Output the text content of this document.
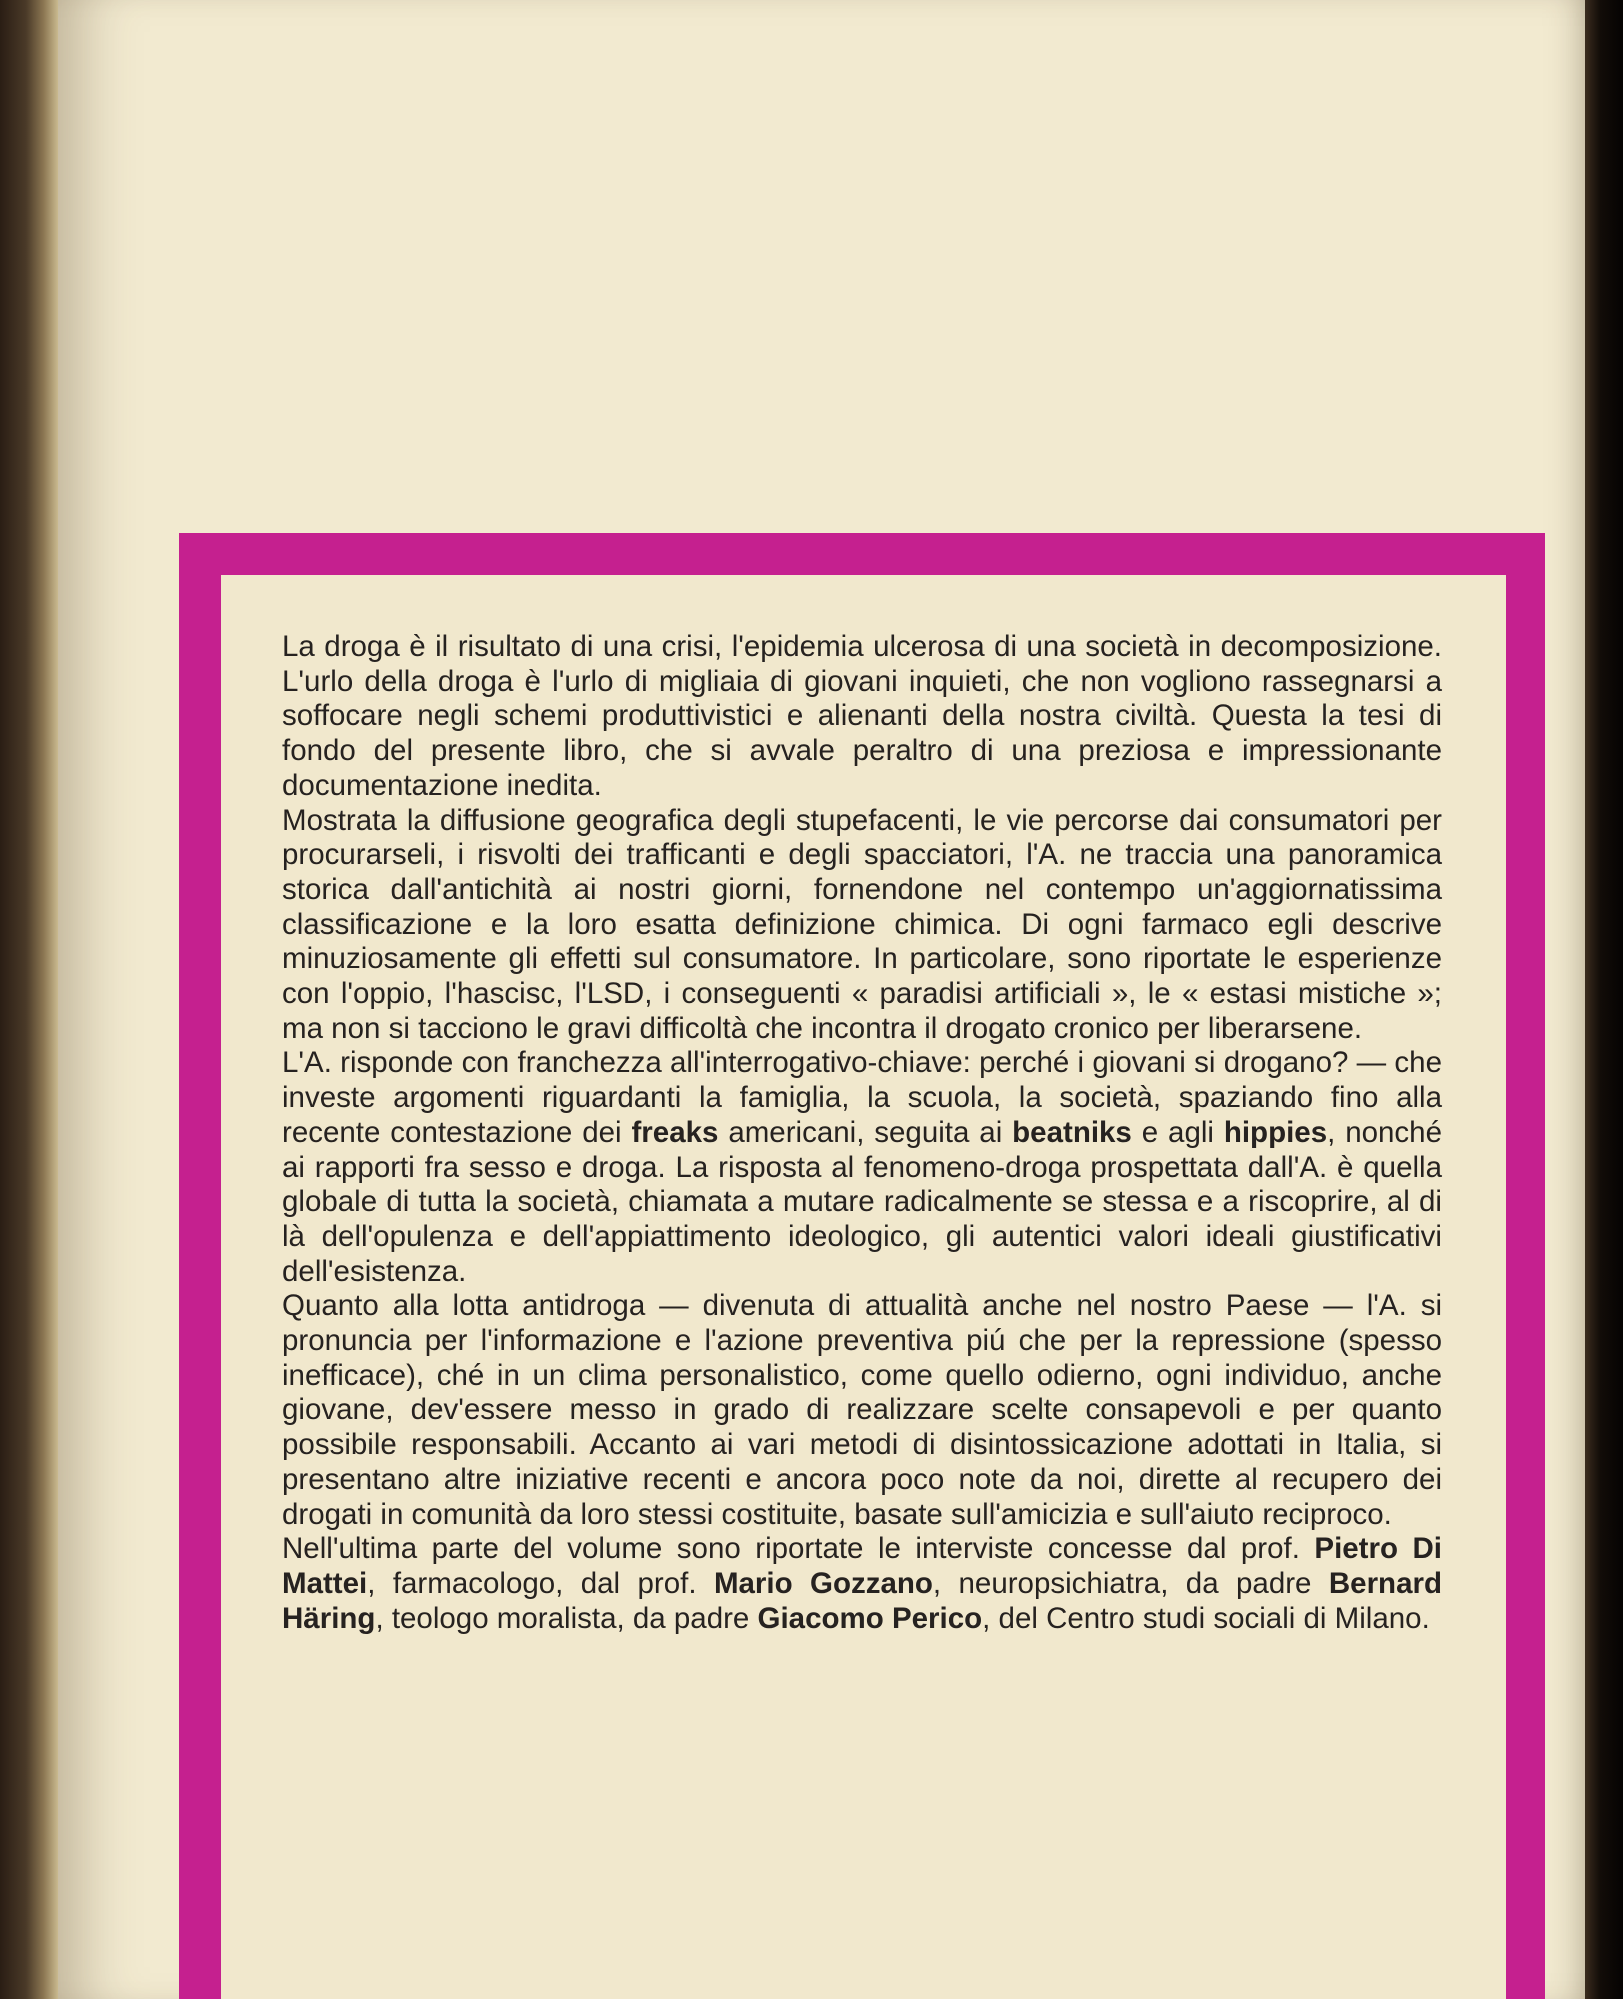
La droga è il risultato di una crisi, l'epidemia ulcerosa di una società in decomposizione. L'urlo della droga è l'urlo di migliaia di giovani inquieti, che non vogliono rassegnarsi a soffocare negli schemi produttivistici e alienanti della nostra civiltà. Questa la tesi di fondo del presente libro, che si avvale peraltro di una preziosa e impressionante documentazione inedita.

Mostrata la diffusione geografica degli stupefacenti, le vie percorse dai consumatori per procurarseli, i risvolti dei trafficanti e degli spacciatori, l'A. ne traccia una panoramica storica dall'antichità ai nostri giorni, fornendone nel contempo un'aggiornatissima classificazione e la loro esatta definizione chimica. Di ogni farmaco egli descrive minuziosamente gli effetti sul consumatore. In particolare, sono riportate le esperienze con l'oppio, l'hascisc, l'LSD, i conseguenti « paradisi artificiali », le « estasi mistiche »; ma non si tacciono le gravi difficoltà che incontra il drogato cronico per liberarsene.

L'A. risponde con franchezza all'interrogativo-chiave: perché i giovani si drogano? — che investe argomenti riguardanti la famiglia, la scuola, la società, spaziando fino alla recente contestazione dei freaks americani, seguita ai beatniks e agli hippies, nonché ai rapporti fra sesso e droga. La risposta al fenomeno-droga prospettata dall'A. è quella globale di tutta la società, chiamata a mutare radicalmente se stessa e a riscoprire, al di là dell'opulenza e dell'appiattimento ideologico, gli autentici valori ideali giustificativi dell'esistenza.

Quanto alla lotta antidroga — divenuta di attualità anche nel nostro Paese — l'A. si pronuncia per l'informazione e l'azione preventiva piú che per la repressione (spesso inefficace), ché in un clima personalistico, come quello odierno, ogni individuo, anche giovane, dev'essere messo in grado di realizzare scelte consapevoli e per quanto possibile responsabili. Accanto ai vari metodi di disintossicazione adottati in Italia, si presentano altre iniziative recenti e ancora poco note da noi, dirette al recupero dei drogati in comunità da loro stessi costituite, basate sull'amicizia e sull'aiuto reciproco.

Nell'ultima parte del volume sono riportate le interviste concesse dal prof. Pietro Di Mattei, farmacologo, dal prof. Mario Gozzano, neuropsichiatra, da padre Bernard Häring, teologo moralista, da padre Giacomo Perico, del Centro studi sociali di Milano.
